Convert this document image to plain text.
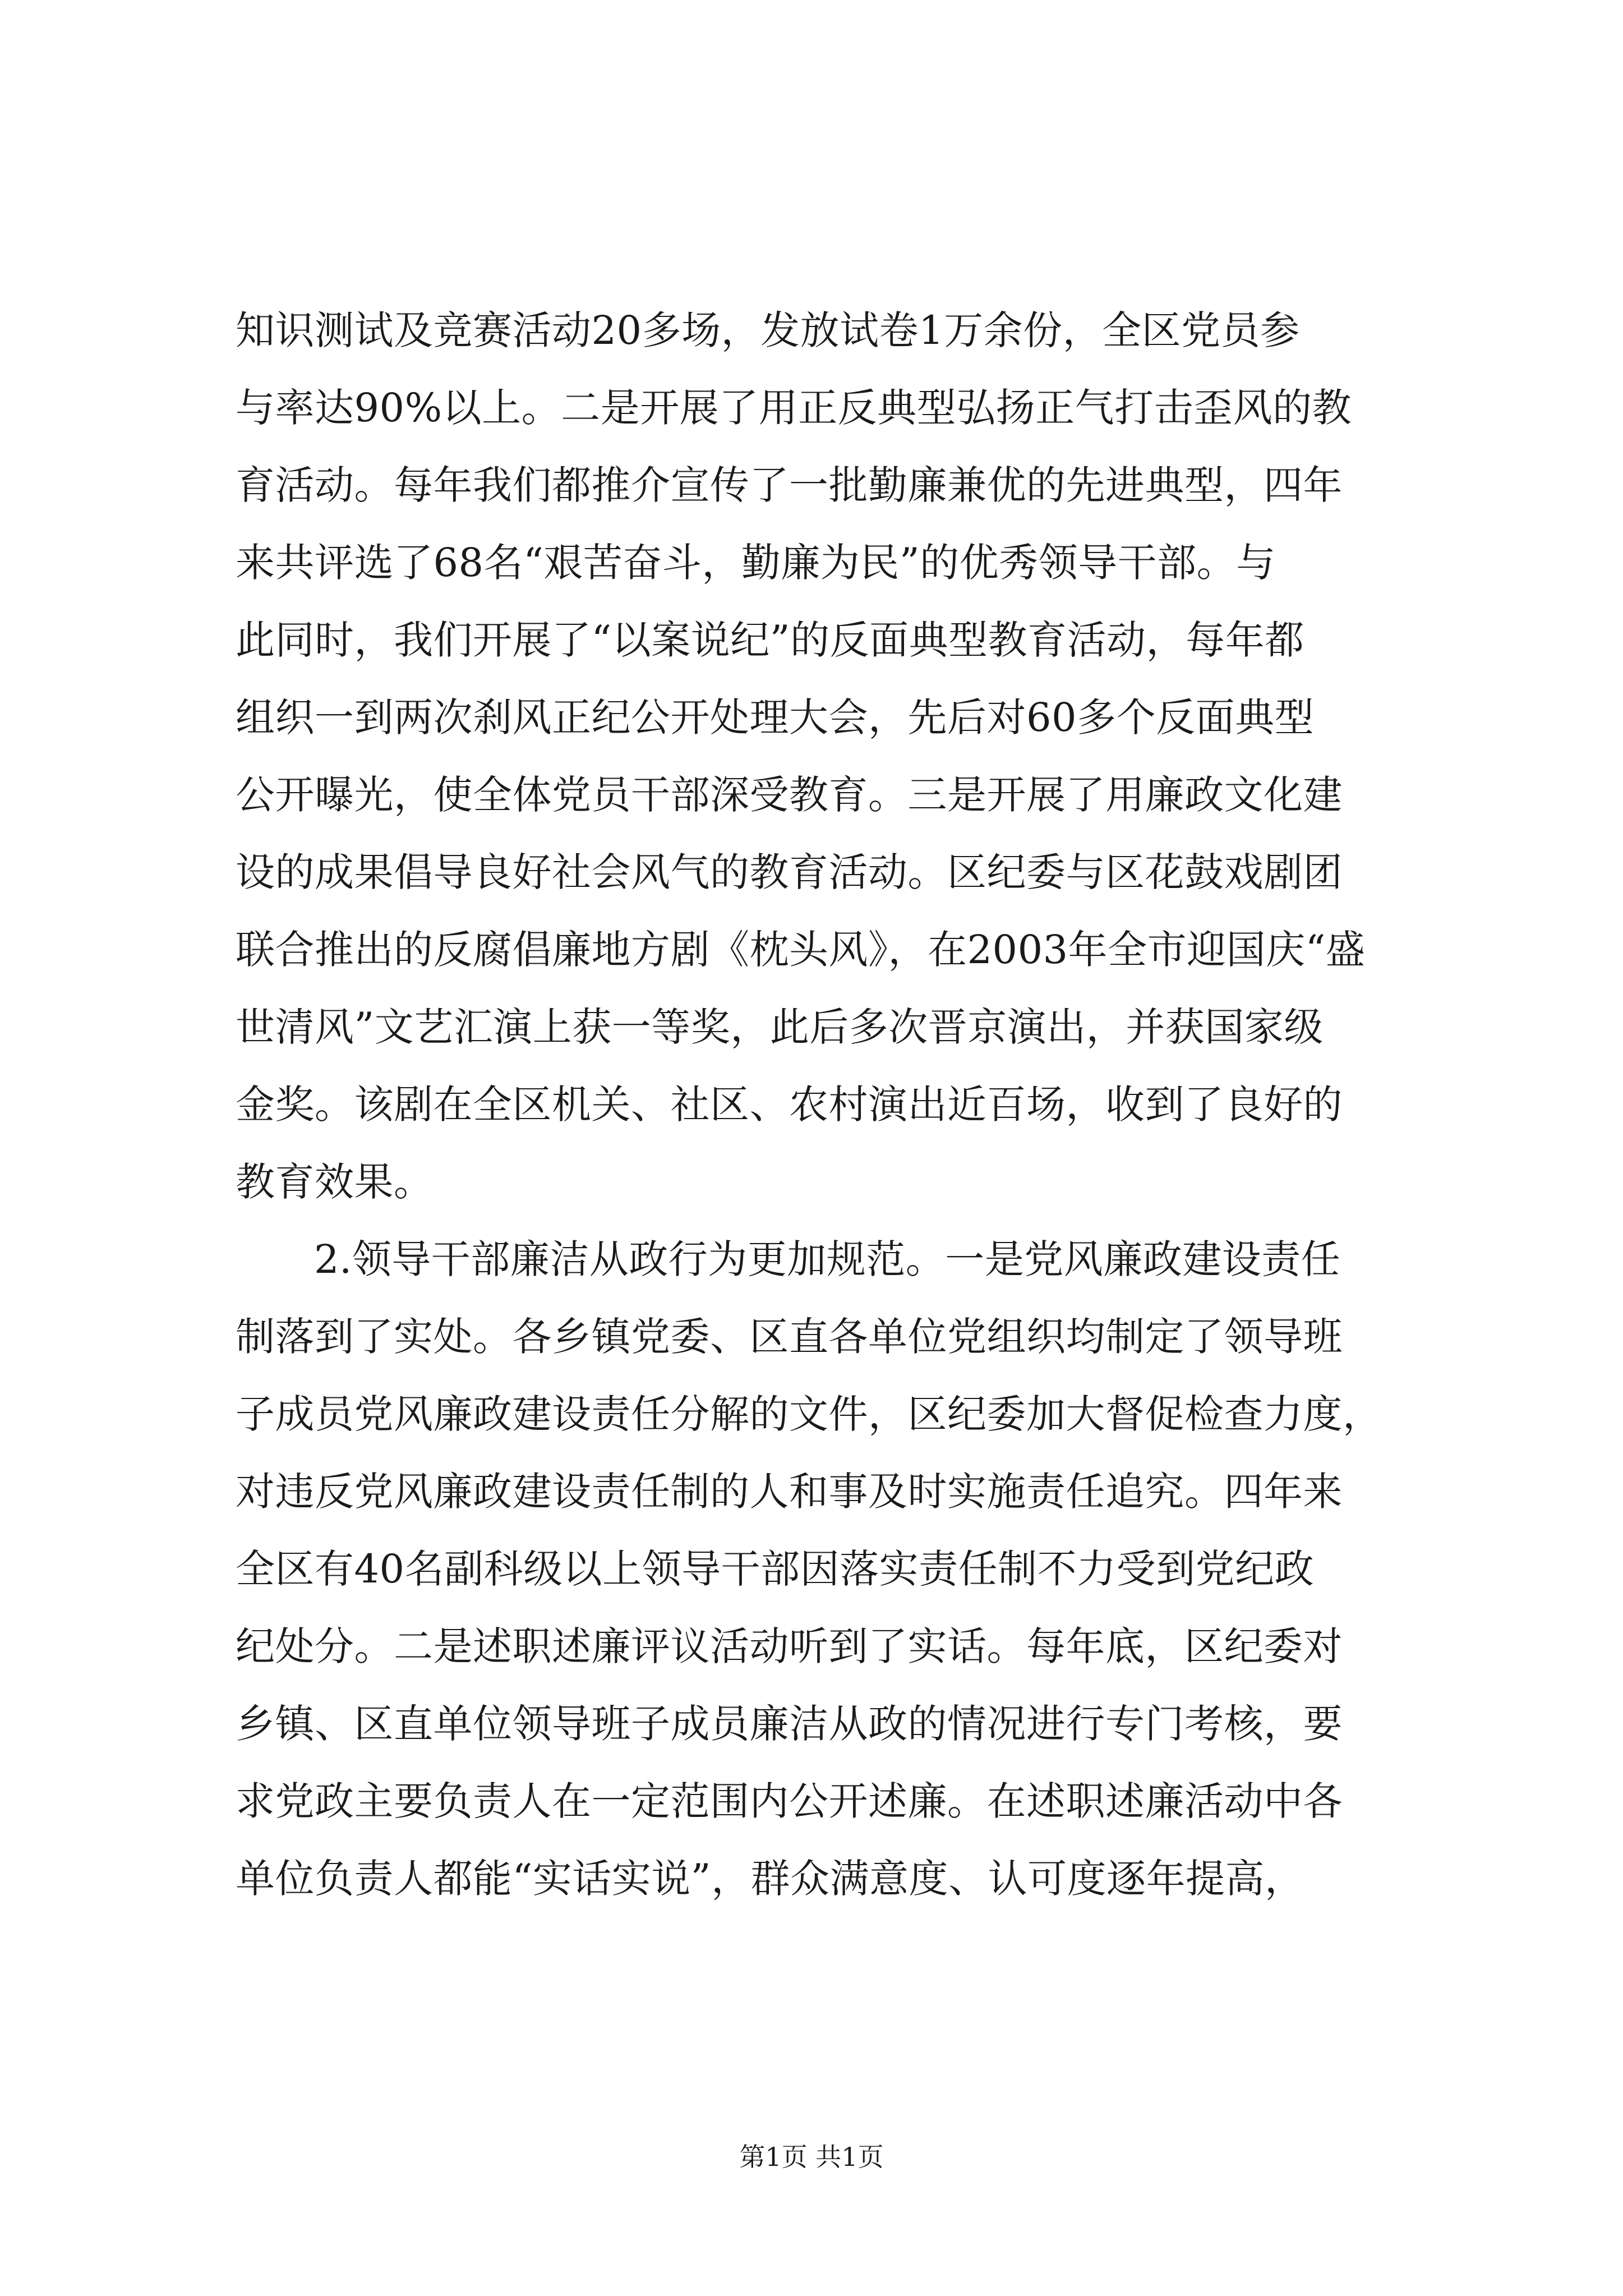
知识测试及竞赛活动20多场，发放试卷1万余份，全区党员参
与率达90%以上。二是开展了用正反典型弘扬正气打击歪风的教
育活动。每年我们都推介宣传了一批勤廉兼优的先进典型，四年
来共评选了68名“艰苦奋斗，勤廉为民”的优秀领导干部。与
此同时，我们开展了“以案说纪”的反面典型教育活动，每年都
组织一到两次刹风正纪公开处理大会，先后对60多个反面典型
公开曝光，使全体党员干部深受教育。三是开展了用廉政文化建
设的成果倡导良好社会风气的教育活动。区纪委与区花鼓戏剧团
联合推出的反腐倡廉地方剧《枕头风》，在2003年全市迎国庆“盛
世清风”文艺汇演上获一等奖，此后多次晋京演出，并获国家级
金奖。该剧在全区机关、社区、农村演出近百场，收到了良好的
教育效果。
2.领导干部廉洁从政行为更加规范。一是党风廉政建设责任
制落到了实处。各乡镇党委、区直各单位党组织均制定了领导班
子成员党风廉政建设责任分解的文件，区纪委加大督促检查力度，
对违反党风廉政建设责任制的人和事及时实施责任追究。四年来
全区有40名副科级以上领导干部因落实责任制不力受到党纪政
纪处分。二是述职述廉评议活动听到了实话。每年底，区纪委对
乡镇、区直单位领导班子成员廉洁从政的情况进行专门考核，要
求党政主要负责人在一定范围内公开述廉。在述职述廉活动中各
单位负责人都能“实话实说”，群众满意度、认可度逐年提高，
第1页 共1页
